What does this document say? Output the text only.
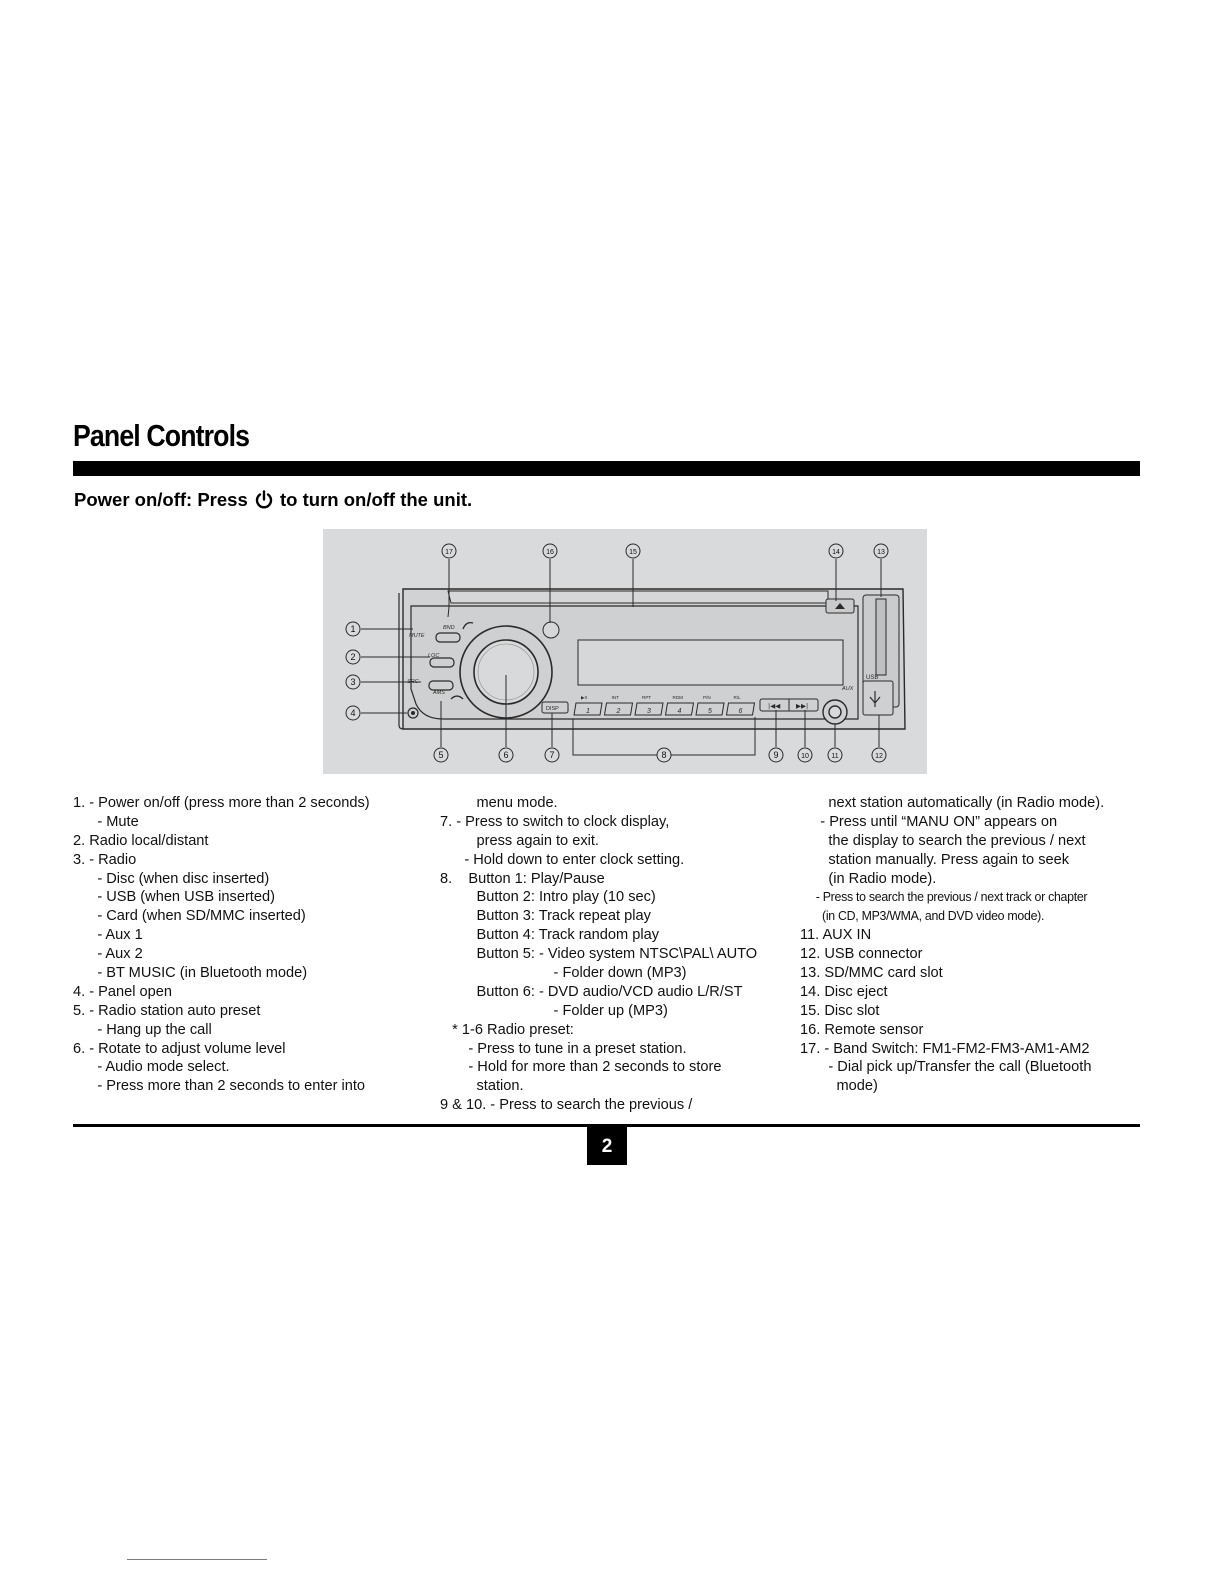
Panel Controls
Power on/off: Press to turn on/off the unit.
USB
MUTE
BND
LOC
SRC
AMS
AUX
DISP	1
▶II
2
INT
3
RPT
4
RDM
5
P/N
6
R/L
|◀◀ ▶▶|
1
2
3
4
5	6	7	8	9	10	11	12
13
14
15
16
17
1. - Power on/off (press more than 2 seconds)
- Mute
2. Radio local/distant
3. - Radio
- Disc (when disc inserted)
- USB (when USB inserted)
- Card (when SD/MMC inserted)
- Aux 1
- Aux 2
- BT MUSIC (in Bluetooth mode)
4. - Panel open
5. - Radio station auto preset
- Hang up the call
6. - Rotate to adjust volume level
- Audio mode select.
- Press more than 2 seconds to enter into
menu mode.
7. - Press to switch to clock display,
press again to exit.
- Hold down to enter clock setting.
8.    Button 1: Play/Pause
Button 2: Intro play (10 sec)
Button 3: Track repeat play
Button 4: Track random play
Button 5: - Video system NTSC\PAL\ AUTO
- Folder down (MP3)
Button 6: - DVD audio/VCD audio L/R/ST
- Folder up (MP3)
* 1-6 Radio preset:
- Press to tune in a preset station.
- Hold for more than 2 seconds to store
station.
9 & 10. - Press to search the previous /
next station automatically (in Radio mode).
- Press until “MANU ON” appears on
the display to search the previous / next
station manually. Press again to seek
(in Radio mode).
- Press to search the previous / next track or chapter
(in CD, MP3/WMA, and DVD video mode).
11. AUX IN
12. USB connector
13. SD/MMC card slot
14. Disc eject
15. Disc slot
16. Remote sensor
17. - Band Switch: FM1-FM2-FM3-AM1-AM2
- Dial pick up/Transfer the call (Bluetooth
mode)
2
